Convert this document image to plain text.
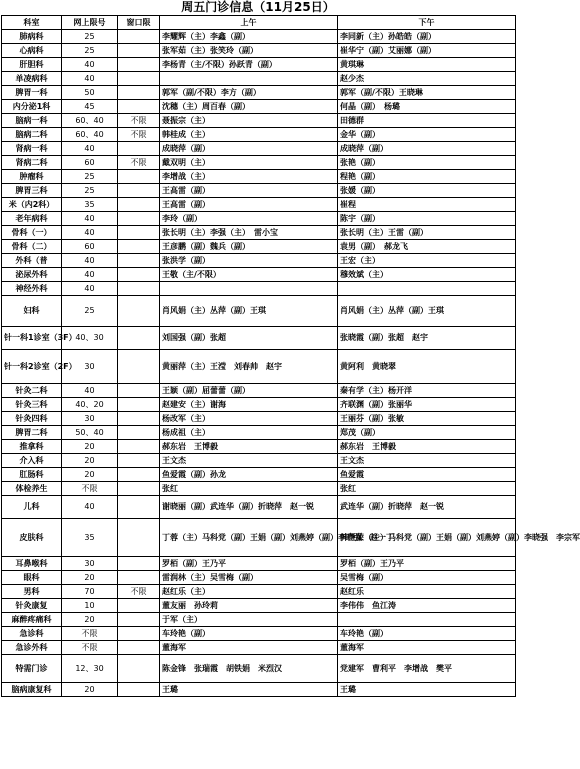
周五门诊信息（11月25日）
科室	网上限号	窗口限	上午	下午
肺病科	25		李耀辉（主）李鑫（副）	李同新（主）孙皓皓（副）
心病科	25		张军茹（主）张笑玲（副）	崔华宁（副）艾丽娜（副）
肝胆科	40		李杨青（主/不限）孙跃青（副）	黄琪琳
单凌病科	40			赵少杰
脾胃一科	50		郭军（副/不限）李方（副）	郭军（副/不限）王晓琳
内分泌1科	45		沈穗（主）周百春（副）	何晶（副）　杨璐
脑病一科	60、40	不限	聂振宗（主）	田德群
脑病二科	60、40	不限	韩桂成（主）	金华（副）
肾病一科	40		成晓萍（副）	成晓萍（副）
肾病二科	60	不限	戴双明（主）	张艳（副）
肿瘤科	25		李增战（主）	程艳（副）
脾胃三科	25		王高雷（副）	张媛（副）
米（内2科）	35		王高雷（副）	崔程
老年病科	40		李玲（副）	陈宇（副）
骨科（一）	40		张长明（主）李强（主）　雷小宝	张长明（主）王雷（副）
骨科（二）	60		王彦鹏（副）魏兵（副）	袁男（副）　郝龙飞
外科（普	40		张洪学（副）	王宏（主）
泌尿外科	40		王敬（主/不限）	穆效斌（主）
神经外科	40			
妇科	25		肖风娟（主）丛萍（副）王琪	肖风娟（主）丛萍（副）王琪
针一科1诊室（3F）	40、30		刘国强（副）张超	张晓霞（副）张超　赵宇
针一科2诊室（2F）	30		黄丽萍（主）王滢　刘春帅　赵宇	黄阿利　黄晓翠
针灸二科	40		王颖（副）屈蕾蕾（副）	秦有学（主）杨开洋
针灸三科	40、20		赵建安（主）谢海	齐联渊（副）张丽华
针灸四科	30		杨改军（主）	王丽芬（副）张敏
脾胃二科	50、40		杨成祖（主）	郑茂（副）
推拿科	20		郝东岩　王博毅	郝东岩　王博毅
介入科	20		王文杰	王文杰
肛肠科	20		鱼爱霞（副）孙龙	鱼爱霞
体检养生	不限		张红	张红
儿科	40		谢晓丽（副）武连华（副）折晓萍　赵一锐	武连华（副）折晓萍　赵一锐
皮肤科	35		丁蓉（主）马科党（副）王娟（副）刘燕婷（副）李晓强　赵一丁	韩世荣（主）马科党（副）王娟（副）刘燕婷（副）李晓强　李宗军
耳鼻喉科	30		罗栢（副）王乃平	罗栢（副）王乃平
眼科	20		雷润林（主）吴雪梅（副）	吴雪梅（副）
男科	70	不限	赵红乐（主）	赵红乐
针灸康复	10		董友丽　孙玲莉	李伟伟　鱼江涛
麻醉疼痛科	20		于军（主）	
急诊科	不限		车玲艳（副）	车玲艳（副）
急诊外科	不限		董海军	董海军
特需门诊	12、30		陈金锋　张瑞霞　胡铁娟　米烈汉	党建军　曹利平　李增战　樊平
脑病康复科	20		王璐	王璐
